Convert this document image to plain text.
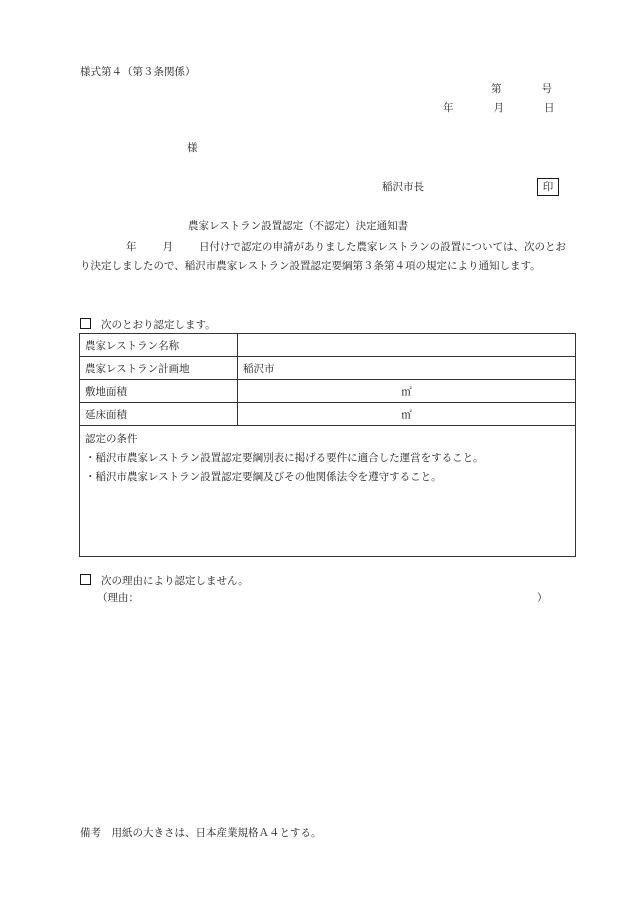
様式第４（第３条関係）
第	号
年	月	日
様
稲沢市長	印
農家レストラン設置認定（不認定）決定通知書
年 月 日付けで認定の申請がありました農家レストランの設置については、次のとおり決定しましたので、稲沢市農家レストラン設置認定要綱第３条第４項の規定により通知します。
次のとおり認定します。
農家レストラン名称	
農家レストラン計画地	稲沢市
敷地面積	㎡
延床面積	㎡

認定の条件
・稲沢市農家レストラン設置認定要綱別表に掲げる要件に適合した運営をすること。
・稲沢市農家レストラン設置認定要綱及びその他関係法令を遵守すること。	
次の理由により認定しません。
（理由：	）
備考　用紙の大きさは、日本産業規格Ａ４とする。
